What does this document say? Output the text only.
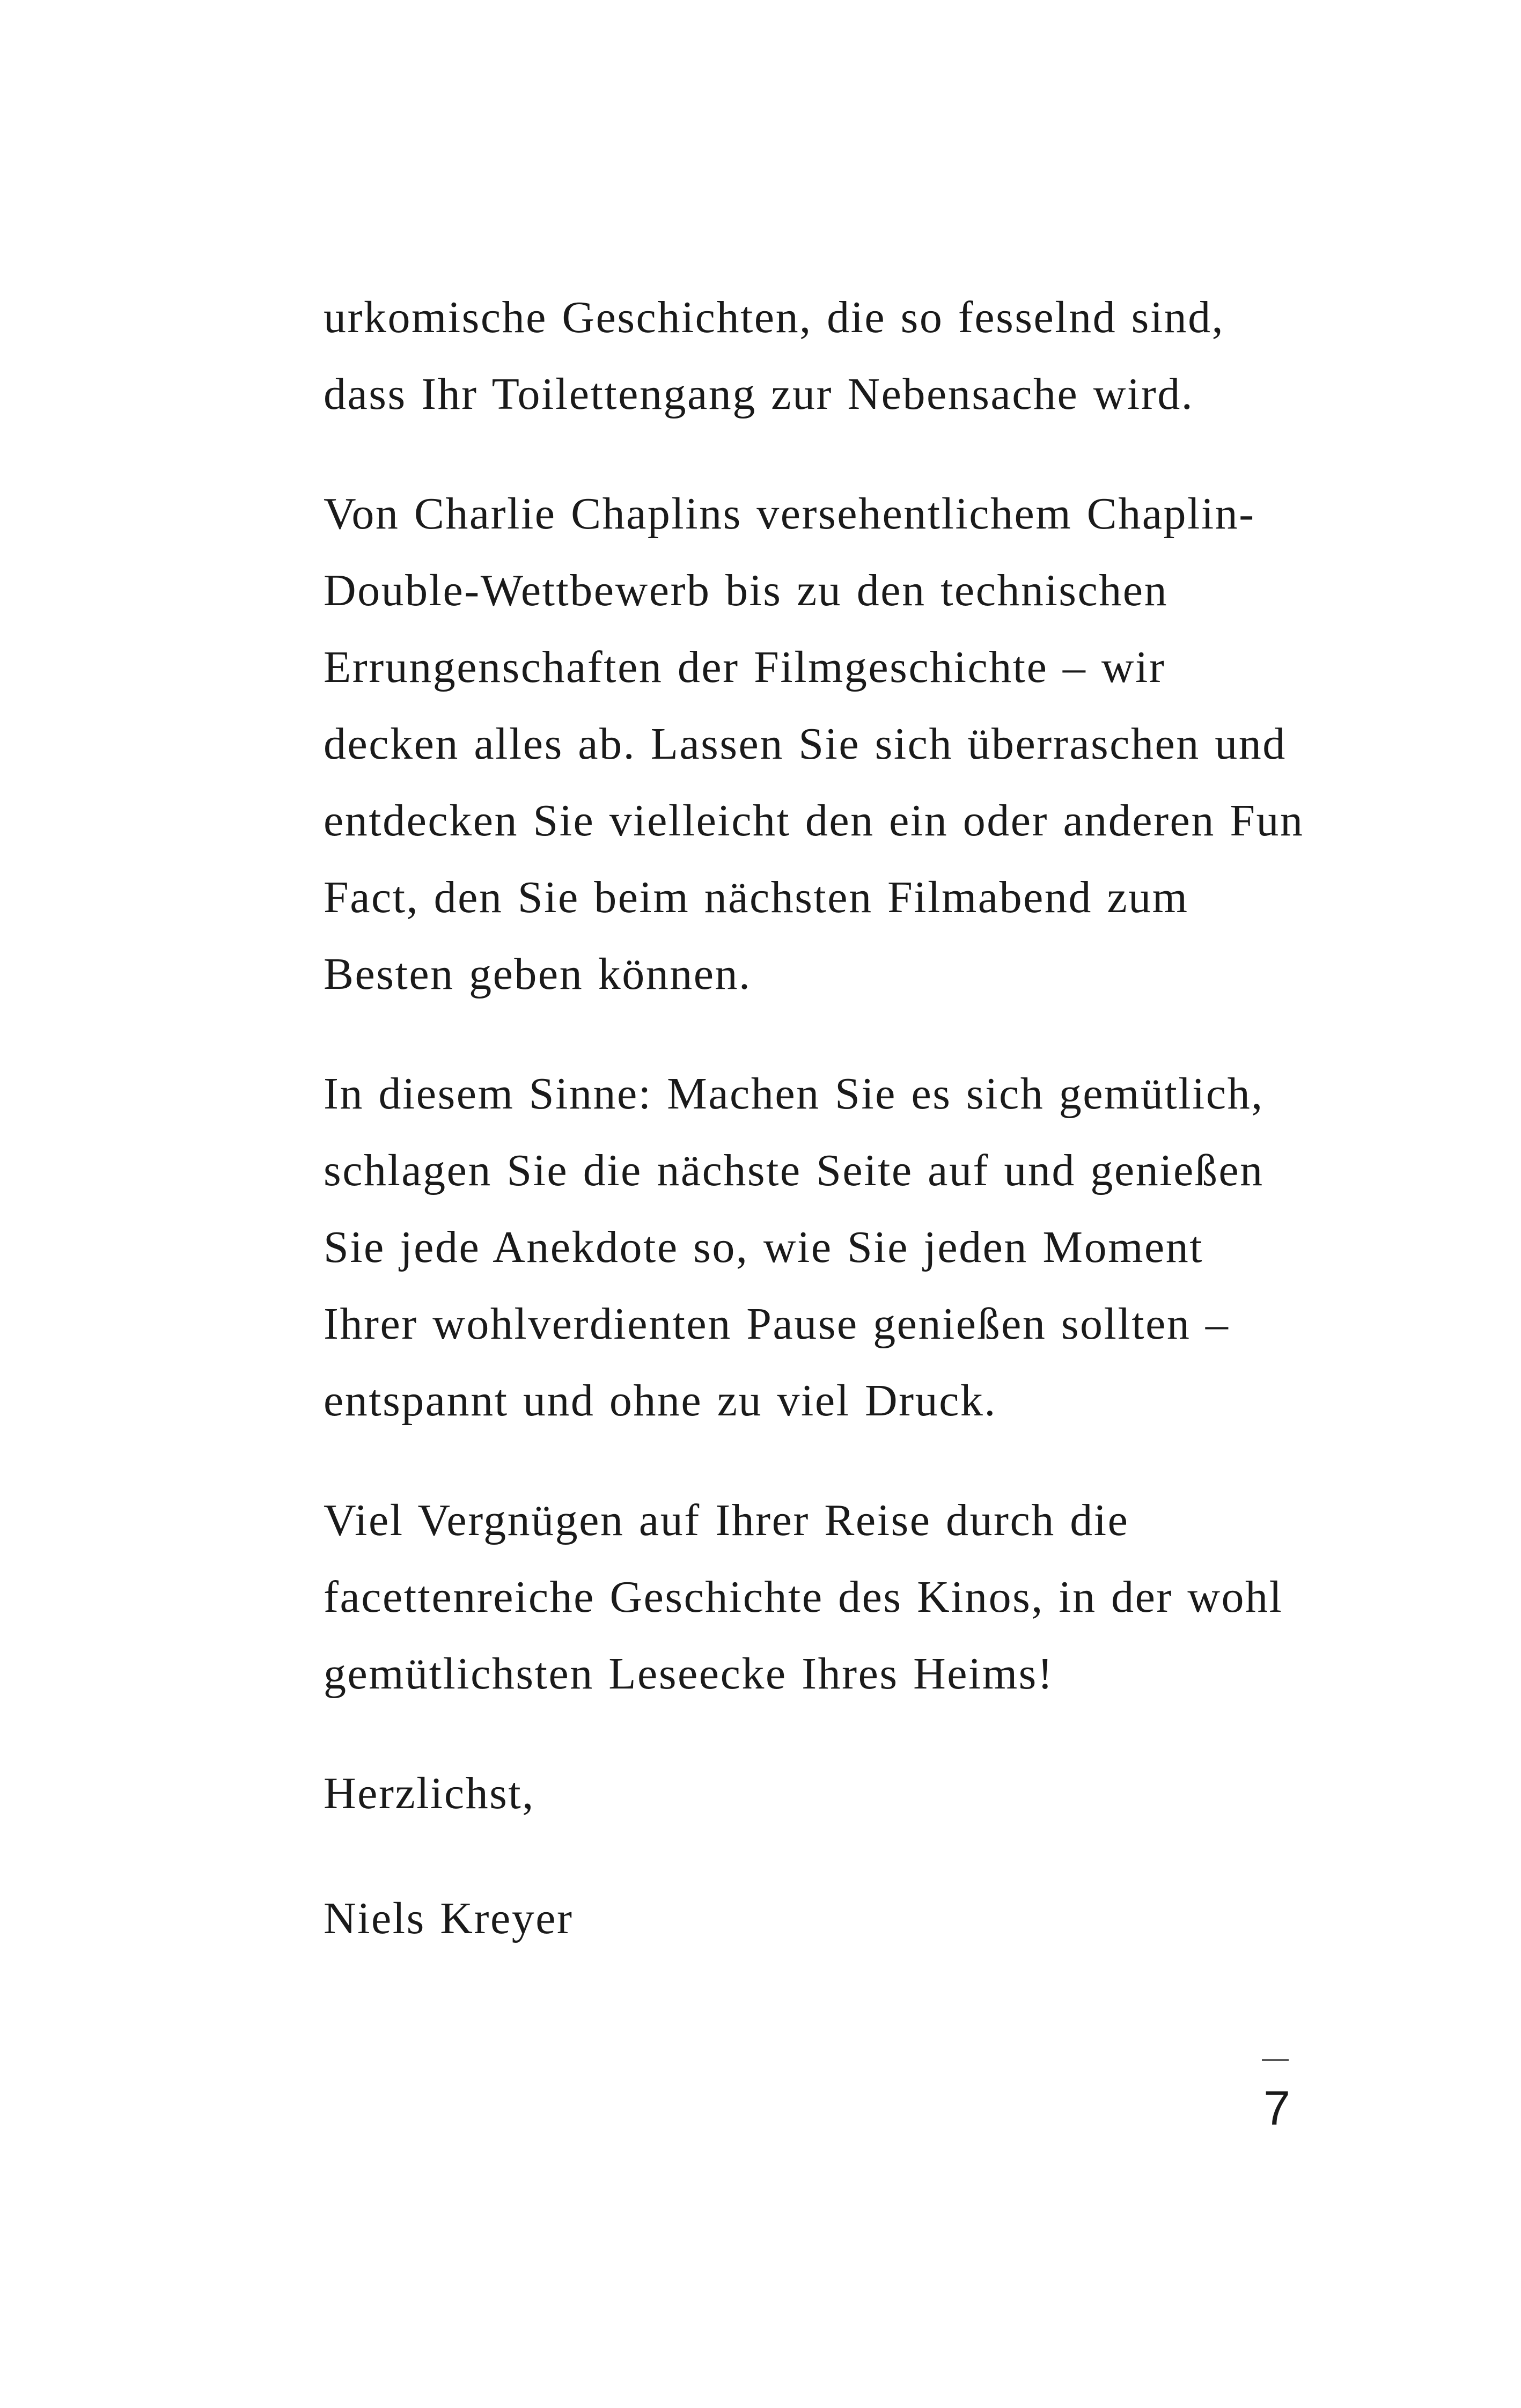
urkomische Geschichten, die so fesselnd sind,
dass Ihr Toilettengang zur Nebensache wird.

Von Charlie Chaplins versehentlichem Chaplin-
Double-Wettbewerb bis zu den technischen
Errungenschaften der Filmgeschichte – wir
decken alles ab. Lassen Sie sich überraschen und
entdecken Sie vielleicht den ein oder anderen Fun
Fact, den Sie beim nächsten Filmabend zum
Besten geben können.

In diesem Sinne: Machen Sie es sich gemütlich,
schlagen Sie die nächste Seite auf und genießen
Sie jede Anekdote so, wie Sie jeden Moment
Ihrer wohlverdienten Pause genießen sollten –
entspannt und ohne zu viel Druck.

Viel Vergnügen auf Ihrer Reise durch die
facettenreiche Geschichte des Kinos, in der wohl
gemütlichsten Leseecke Ihres Heims!

Herzlichst,

Niels Kreyer

7
